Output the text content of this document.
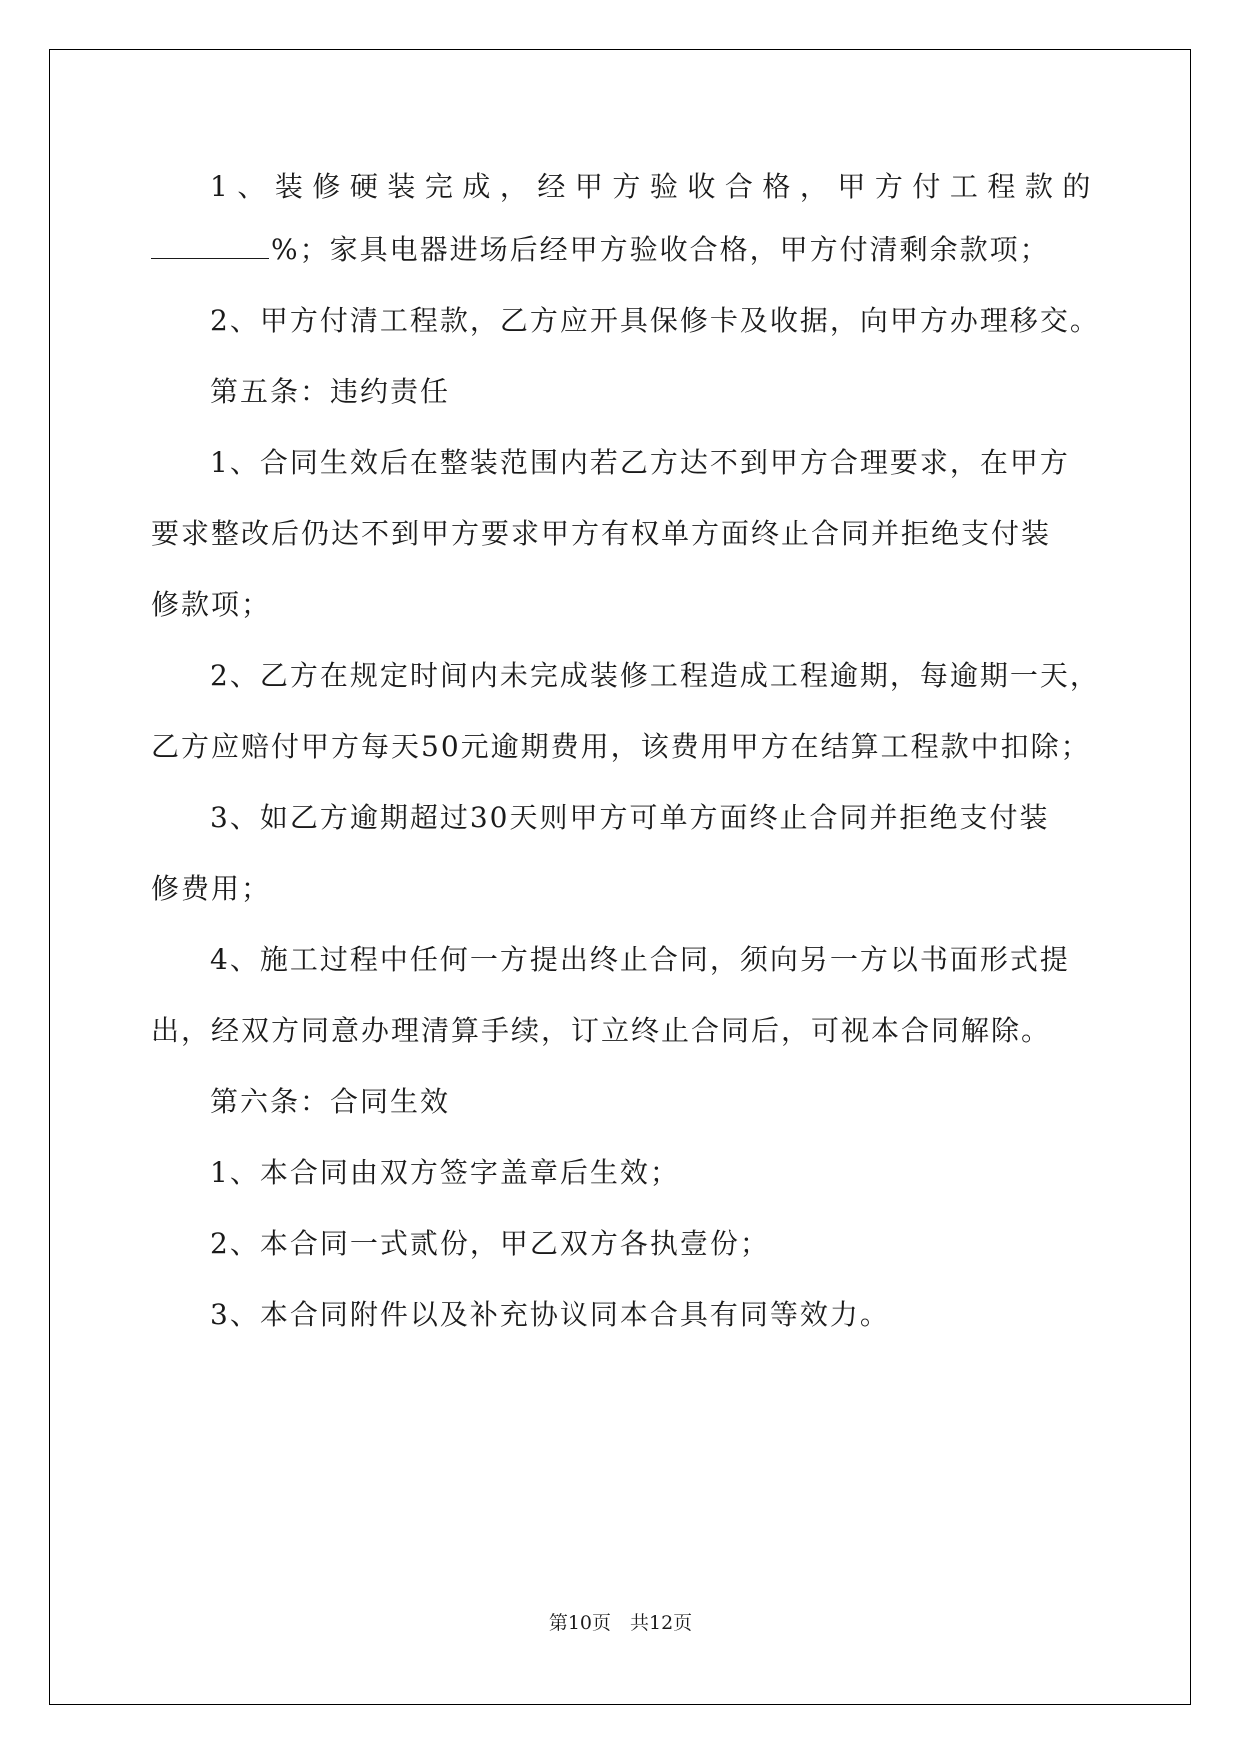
1、装修硬装完成，经甲方验收合格，甲方付工程款的
%；家具电器进场后经甲方验收合格，甲方付清剩余款项；
2、甲方付清工程款，乙方应开具保修卡及收据，向甲方办理移交。
第五条：违约责任
1、合同生效后在整装范围内若乙方达不到甲方合理要求，在甲方
要求整改后仍达不到甲方要求甲方有权单方面终止合同并拒绝支付装
修款项；
2、乙方在规定时间内未完成装修工程造成工程逾期，每逾期一天，
乙方应赔付甲方每天50元逾期费用，该费用甲方在结算工程款中扣除；
3、如乙方逾期超过30天则甲方可单方面终止合同并拒绝支付装
修费用；
4、施工过程中任何一方提出终止合同，须向另一方以书面形式提
出，经双方同意办理清算手续，订立终止合同后，可视本合同解除。
第六条：合同生效
1、本合同由双方签字盖章后生效；
2、本合同一式贰份，甲乙双方各执壹份；
3、本合同附件以及补充协议同本合具有同等效力。
第10页　共12页
